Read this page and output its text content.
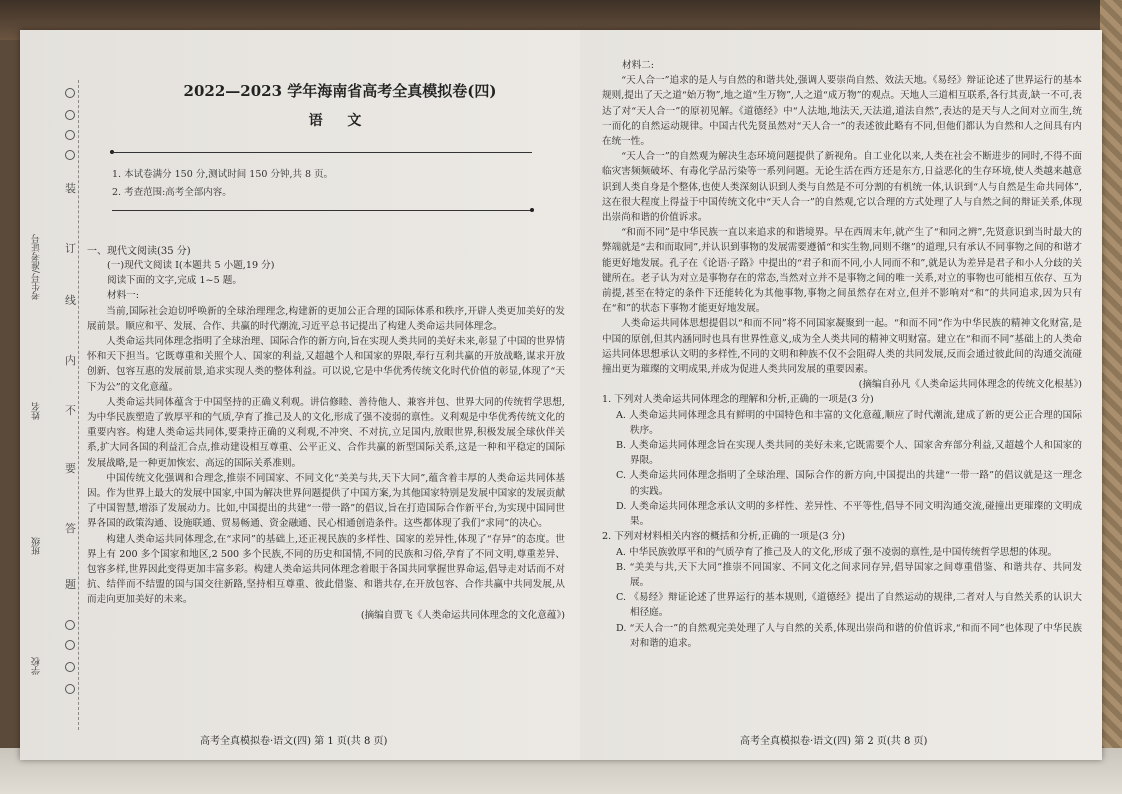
装
订
线
内
不
要
答
题
考生号/准考证号
姓名
班级
学校
2022—2023 学年海南省高考全真模拟卷(四)
语 文
1. 本试卷满分 150 分,测试时间 150 分钟,共 8 页。
2. 考查范围:高考全部内容。
一、现代文阅读(35 分)

(一)现代文阅读 I(本题共 5 小题,19 分)

阅读下面的文字,完成 1~5 题。

材料一:

当前,国际社会迫切呼唤新的全球治理理念,构建新的更加公正合理的国际体系和秩序,开辟人类更加美好的发展前景。顺应和平、发展、合作、共赢的时代潮流,习近平总书记提出了构建人类命运共同体理念。

人类命运共同体理念指明了全球治理、国际合作的新方向,旨在实现人类共同的美好未来,彰显了中国的世界情怀和天下担当。它既尊重和关照个人、国家的利益,又超越个人和国家的界限,奉行互利共赢的开放战略,谋求开放创新、包容互惠的发展前景,追求实现人类的整体利益。可以说,它是中华优秀传统文化时代价值的彰显,体现了“天下为公”的文化意蕴。

人类命运共同体蕴含于中国坚持的正确义利观。讲信修睦、善待他人、兼容并包、世界大同的传统哲学思想,为中华民族塑造了敦厚平和的气质,孕育了推己及人的文化,形成了强不凌弱的禀性。义利观是中华优秀传统文化的重要内容。构建人类命运共同体,要秉持正确的义利观,不冲突、不对抗,立足国内,放眼世界,积极发展全球伙伴关系,扩大同各国的利益汇合点,推动建设相互尊重、公平正义、合作共赢的新型国际关系,这是一种和平稳定的国际发展战略,是一种更加恢宏、高远的国际关系准则。

中国传统文化强调和合理念,推崇不同国家、不同文化“美美与共,天下大同”,蕴含着丰厚的人类命运共同体基因。作为世界上最大的发展中国家,中国为解决世界问题提供了中国方案,为其他国家特别是发展中国家的发展贡献了中国智慧,增添了发展动力。比如,中国提出的共建“一带一路”的倡议,旨在打造国际合作新平台,为实现中国同世界各国的政策沟通、设施联通、贸易畅通、资金融通、民心相通创造条件。这些都体现了我们“求同”的决心。

构建人类命运共同体理念,在“求同”的基础上,还正视民族的多样性、国家的差异性,体现了“存异”的态度。世界上有 200 多个国家和地区,2 500 多个民族,不同的历史和国情,不同的民族和习俗,孕育了不同文明,尊重差异、包容多样,世界因此变得更加丰富多彩。构建人类命运共同体理念着眼于各国共同掌握世界命运,倡导走对话而不对抗、结伴而不结盟的国与国交往新路,坚持相互尊重、彼此借鉴、和谐共存,在开放包容、合作共赢中共同发展,从而走向更加美好的未来。

(摘编自贾飞《人类命运共同体理念的文化意蕴》)

高考全真模拟卷·语文(四) 第 1 页(共 8 页)

材料二:

“天人合一”追求的是人与自然的和谐共处,强调人要崇尚自然、效法天地。《易经》辩证论述了世界运行的基本规则,提出了天之道“始万物”,地之道“生万物”,人之道“成万物”的观点。天地人三道相互联系,各行其责,缺一不可,表达了对“天人合一”的原初见解。《道德经》中“人法地,地法天,天法道,道法自然”,表达的是天与人之间对立而生,统一而化的自然运动规律。中国古代先贤虽然对“天人合一”的表述彼此略有不同,但他们都认为自然和人之间具有内在统一性。

“天人合一”的自然观为解决生态环境问题提供了新视角。自工业化以来,人类在社会不断进步的同时,不得不面临灾害频频破坏、有毒化学品污染等一系列问题。无论生活在西方还是东方,日益恶化的生存环境,使人类越来越意识到人类自身是个整体,也使人类深刻认识到人类与自然是不可分割的有机统一体,认识到“人与自然是生命共同体”,这在很大程度上得益于中国传统文化中“天人合一”的自然观,它以合理的方式处理了人与自然之间的辩证关系,体现出崇尚和谐的价值诉求。

“和而不同”是中华民族一直以来追求的和谐境界。早在西周末年,就产生了“和同之辨”,先贤意识到当时最大的弊端就是“去和而取同”,并认识到事物的发展需要遵循“和实生物,同则不继”的道理,只有承认不同事物之间的和谐才能更好地发展。孔子在《论语·子路》中提出的“君子和而不同,小人同而不和”,就是认为差异是君子和小人分歧的关键所在。老子认为对立是事物存在的常态,当然对立并不是事物之间的唯一关系,对立的事物也可能相互依存、互为前提,甚至在特定的条件下还能转化为其他事物,事物之间虽然存在对立,但并不影响对“和”的共同追求,因为只有在“和”的状态下事物才能更好地发展。

人类命运共同体思想提倡以“和而不同”将不同国家凝聚到一起。“和而不同”作为中华民族的精神文化财富,是中国的原创,但其内涵同时也具有世界性意义,成为全人类共同的精神文明财富。建立在“和而不同”基础上的人类命运共同体思想承认文明的多样性,不同的文明和种族不仅不会阻碍人类的共同发展,反而会通过彼此间的沟通交流碰撞出更为璀璨的文明成果,并成为促进人类共同发展的重要因素。

(摘编自孙凡《人类命运共同体理念的传统文化根基》)

1. 下列对人类命运共同体理念的理解和分析,正确的一项是(3 分)

A. 人类命运共同体理念具有鲜明的中国特色和丰富的文化意蕴,顺应了时代潮流,建成了新的更公正合理的国际秩序。

B. 人类命运共同体理念旨在实现人类共同的美好未来,它既需要个人、国家舍弃部分利益,又超越个人和国家的界限。

C. 人类命运共同体理念指明了全球治理、国际合作的新方向,中国提出的共建“一带一路”的倡议就是这一理念的实践。

D. 人类命运共同体理念承认文明的多样性、差异性、不平等性,倡导不同文明沟通交流,碰撞出更璀璨的文明成果。

2. 下列对材料相关内容的概括和分析,正确的一项是(3 分)

A. 中华民族敦厚平和的气质孕育了推己及人的文化,形成了强不凌弱的禀性,是中国传统哲学思想的体现。

B. “美美与共,天下大同”推崇不同国家、不同文化之间求同存异,倡导国家之间尊重借鉴、和谐共存、共同发展。

C. 《易经》辩证论述了世界运行的基本规则,《道德经》提出了自然运动的规律,二者对人与自然关系的认识大相径庭。

D. “天人合一”的自然观完美处理了人与自然的关系,体现出崇尚和谐的价值诉求,“和而不同”也体现了中华民族对和谐的追求。

高考全真模拟卷·语文(四) 第 2 页(共 8 页)
